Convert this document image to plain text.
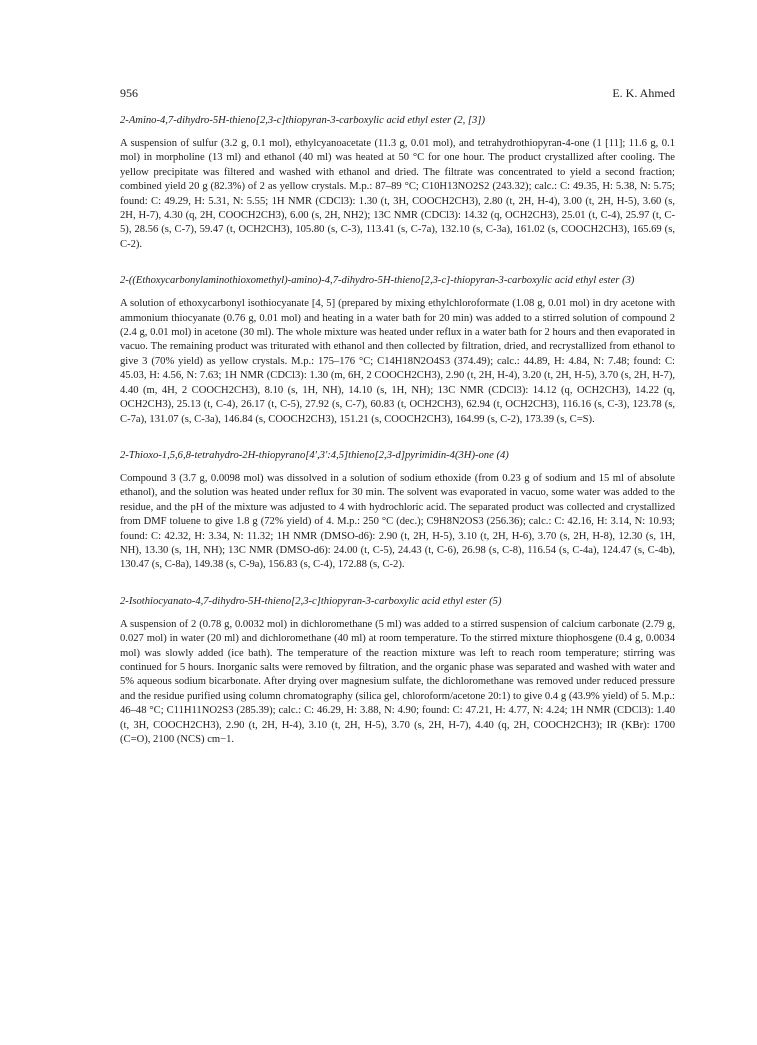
956	E. K. Ahmed

2-Amino-4,7-dihydro-5H-thieno[2,3-c]thiopyran-3-carboxylic acid ethyl ester (2, [3])

A suspension of sulfur (3.2 g, 0.1 mol), ethylcyanoacetate (11.3 g, 0.01 mol), and tetrahydrothiopyran-4-one (1 [11]; 11.6 g, 0.1 mol) in morpholine (13 ml) and ethanol (40 ml) was heated at 50 °C for one hour. The product crystallized after cooling. The yellow precipitate was filtered and washed with ethanol and dried. The filtrate was concentrated to yield a second fraction; combined yield 20 g (82.3%) of 2 as yellow crystals. M.p.: 87–89 °C; C10H13NO2S2 (243.32); calc.: C: 49.35, H: 5.38, N: 5.75; found: C: 49.29, H: 5.31, N: 5.55; 1H NMR (CDCl3): 1.30 (t, 3H, COOCH2CH3), 2.80 (t, 2H, H-4), 3.00 (t, 2H, H-5), 3.60 (s, 2H, H-7), 4.30 (q, 2H, COOCH2CH3), 6.00 (s, 2H, NH2); 13C NMR (CDCl3): 14.32 (q, OCH2CH3), 25.01 (t, C-4), 25.97 (t, C-5), 28.56 (s, C-7), 59.47 (t, OCH2CH3), 105.80 (s, C-3), 113.41 (s, C-7a), 132.10 (s, C-3a), 161.02 (s, COOCH2CH3), 165.69 (s, C-2).

2-((Ethoxycarbonylaminothioxomethyl)-amino)-4,7-dihydro-5H-thieno[2,3-c]-thiopyran-3-carboxylic acid ethyl ester (3)

A solution of ethoxycarbonyl isothiocyanate [4, 5] (prepared by mixing ethylchloroformate (1.08 g, 0.01 mol) in dry acetone with ammonium thiocyanate (0.76 g, 0.01 mol) and heating in a water bath for 20 min) was added to a stirred solution of compound 2 (2.4 g, 0.01 mol) in acetone (30 ml). The whole mixture was heated under reflux in a water bath for 2 hours and then evaporated in vacuo. The remaining product was triturated with ethanol and then collected by filtration, dried, and recrystallized from ethanol to give 3 (70% yield) as yellow crystals. M.p.: 175–176 °C; C14H18N2O4S3 (374.49); calc.: 44.89, H: 4.84, N: 7.48; found: C: 45.03, H: 4.56, N: 7.63; 1H NMR (CDCl3): 1.30 (m, 6H, 2 COOCH2CH3), 2.90 (t, 2H, H-4), 3.20 (t, 2H, H-5), 3.70 (s, 2H, H-7), 4.40 (m, 4H, 2 COOCH2CH3), 8.10 (s, 1H, NH), 14.10 (s, 1H, NH); 13C NMR (CDCl3): 14.12 (q, OCH2CH3), 14.22 (q, OCH2CH3), 25.13 (t, C-4), 26.17 (t, C-5), 27.92 (s, C-7), 60.83 (t, OCH2CH3), 62.94 (t, OCH2CH3), 116.16 (s, C-3), 123.78 (s, C-7a), 131.07 (s, C-3a), 146.84 (s, COOCH2CH3), 151.21 (s, COOCH2CH3), 164.99 (s, C-2), 173.39 (s, C=S).

2-Thioxo-1,5,6,8-tetrahydro-2H-thiopyrano[4′,3′:4,5]thieno[2,3-d]pyrimidin-4(3H)-one (4)

Compound 3 (3.7 g, 0.0098 mol) was dissolved in a solution of sodium ethoxide (from 0.23 g of sodium and 15 ml of absolute ethanol), and the solution was heated under reflux for 30 min. The solvent was evaporated in vacuo, some water was added to the residue, and the pH of the mixture was adjusted to 4 with hydrochloric acid. The separated product was collected and crystallized from DMF toluene to give 1.8 g (72% yield) of 4. M.p.: 250 °C (dec.); C9H8N2OS3 (256.36); calc.: C: 42.16, H: 3.14, N: 10.93; found: C: 42.32, H: 3.34, N: 11.32; 1H NMR (DMSO-d6): 2.90 (t, 2H, H-5), 3.10 (t, 2H, H-6), 3.70 (s, 2H, H-8), 12.30 (s, 1H, NH), 13.30 (s, 1H, NH); 13C NMR (DMSO-d6): 24.00 (t, C-5), 24.43 (t, C-6), 26.98 (s, C-8), 116.54 (s, C-4a), 124.47 (s, C-4b), 130.47 (s, C-8a), 149.38 (s, C-9a), 156.83 (s, C-4), 172.88 (s, C-2).

2-Isothiocyanato-4,7-dihydro-5H-thieno[2,3-c]thiopyran-3-carboxylic acid ethyl ester (5)

A suspension of 2 (0.78 g, 0.0032 mol) in dichloromethane (5 ml) was added to a stirred suspension of calcium carbonate (2.79 g, 0.027 mol) in water (20 ml) and dichloromethane (40 ml) at room temperature. To the stirred mixture thiophosgene (0.4 g, 0.0034 mol) was slowly added (ice bath). The temperature of the reaction mixture was left to reach room temperature; stirring was continued for 5 hours. Inorganic salts were removed by filtration, and the organic phase was separated and washed with water and 5% aqueous sodium bicarbonate. After drying over magnesium sulfate, the dichloromethane was removed under reduced pressure and the residue purified using column chromatography (silica gel, chloroform/acetone 20:1) to give 0.4 g (43.9% yield) of 5. M.p.: 46–48 °C; C11H11NO2S3 (285.39); calc.: C: 46.29, H: 3.88, N: 4.90; found: C: 47.21, H: 4.77, N: 4.24; 1H NMR (CDCl3): 1.40 (t, 3H, COOCH2CH3), 2.90 (t, 2H, H-4), 3.10 (t, 2H, H-5), 3.70 (s, 2H, H-7), 4.40 (q, 2H, COOCH2CH3); IR (KBr): 1700 (C=O), 2100 (NCS) cm−1.
